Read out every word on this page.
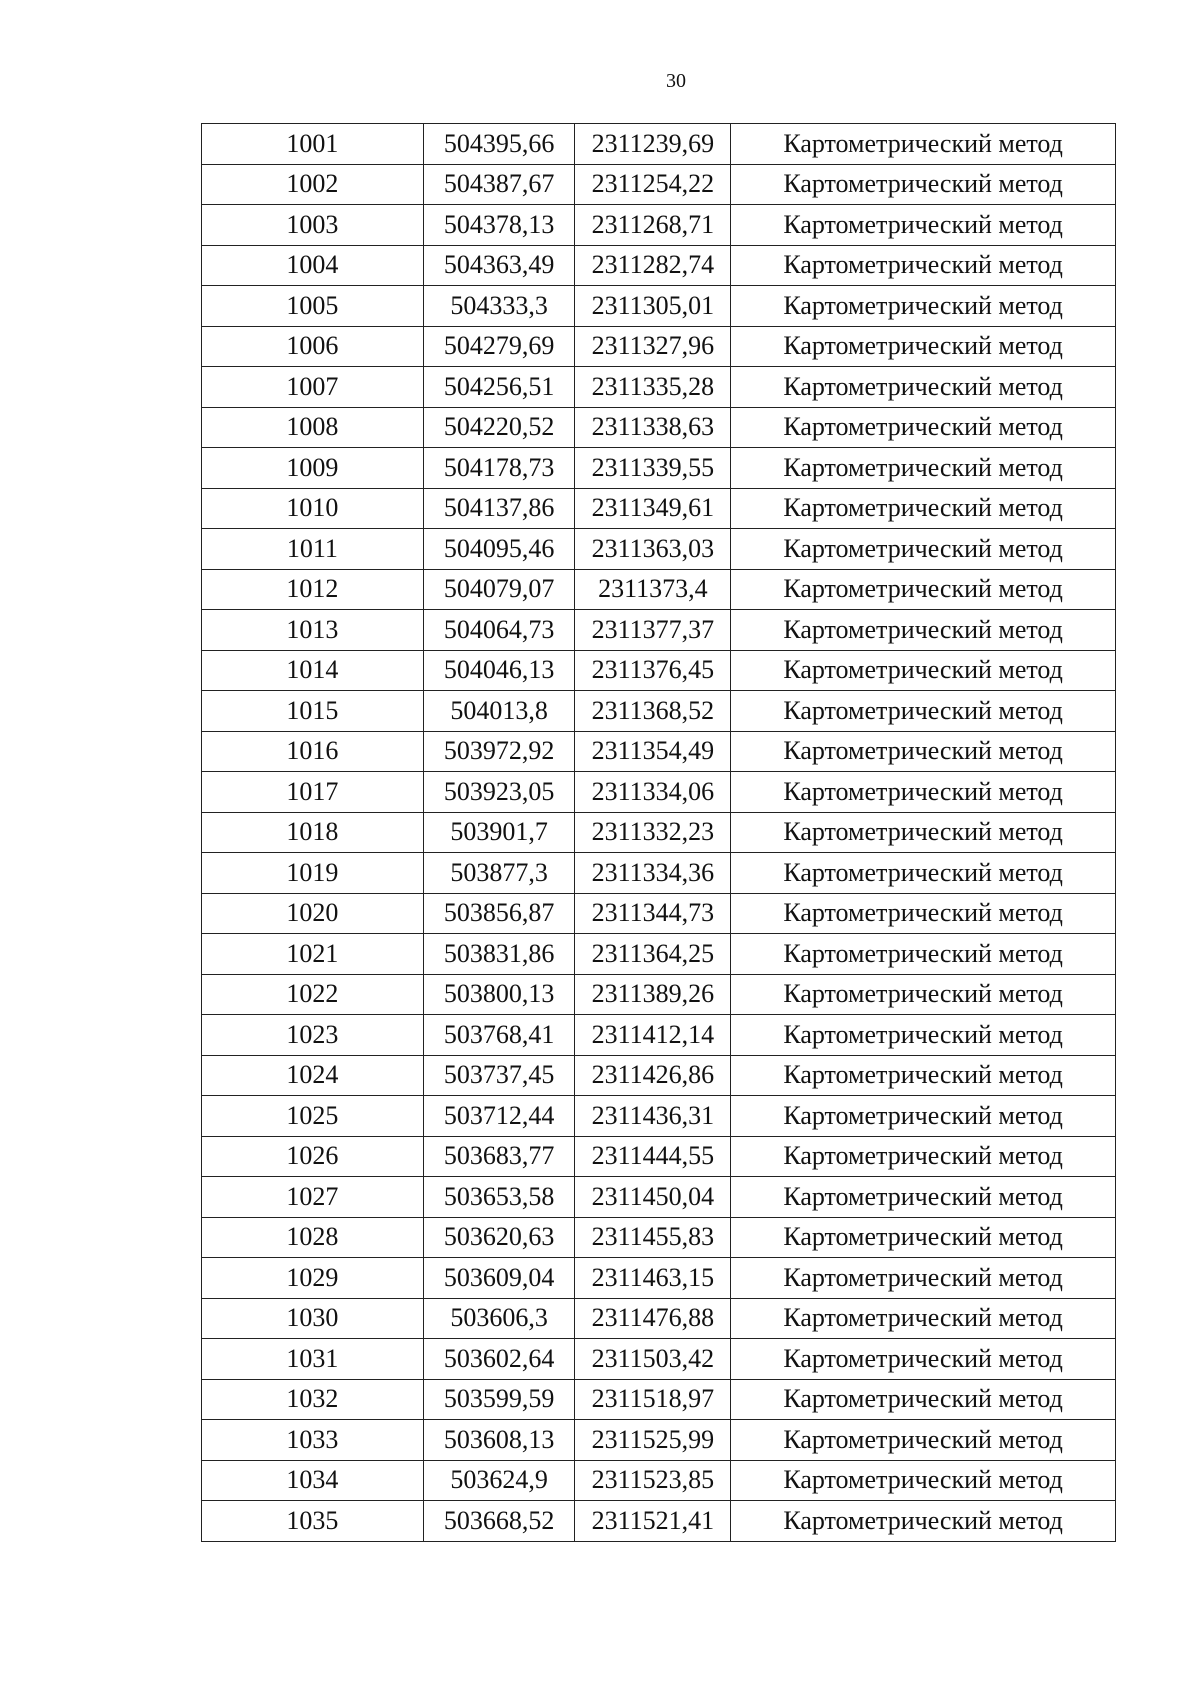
30
1001	504395,66	2311239,69	Картометрический метод
1002	504387,67	2311254,22	Картометрический метод
1003	504378,13	2311268,71	Картометрический метод
1004	504363,49	2311282,74	Картометрический метод
1005	504333,3	2311305,01	Картометрический метод
1006	504279,69	2311327,96	Картометрический метод
1007	504256,51	2311335,28	Картометрический метод
1008	504220,52	2311338,63	Картометрический метод
1009	504178,73	2311339,55	Картометрический метод
1010	504137,86	2311349,61	Картометрический метод
1011	504095,46	2311363,03	Картометрический метод
1012	504079,07	2311373,4	Картометрический метод
1013	504064,73	2311377,37	Картометрический метод
1014	504046,13	2311376,45	Картометрический метод
1015	504013,8	2311368,52	Картометрический метод
1016	503972,92	2311354,49	Картометрический метод
1017	503923,05	2311334,06	Картометрический метод
1018	503901,7	2311332,23	Картометрический метод
1019	503877,3	2311334,36	Картометрический метод
1020	503856,87	2311344,73	Картометрический метод
1021	503831,86	2311364,25	Картометрический метод
1022	503800,13	2311389,26	Картометрический метод
1023	503768,41	2311412,14	Картометрический метод
1024	503737,45	2311426,86	Картометрический метод
1025	503712,44	2311436,31	Картометрический метод
1026	503683,77	2311444,55	Картометрический метод
1027	503653,58	2311450,04	Картометрический метод
1028	503620,63	2311455,83	Картометрический метод
1029	503609,04	2311463,15	Картометрический метод
1030	503606,3	2311476,88	Картометрический метод
1031	503602,64	2311503,42	Картометрический метод
1032	503599,59	2311518,97	Картометрический метод
1033	503608,13	2311525,99	Картометрический метод
1034	503624,9	2311523,85	Картометрический метод
1035	503668,52	2311521,41	Картометрический метод
